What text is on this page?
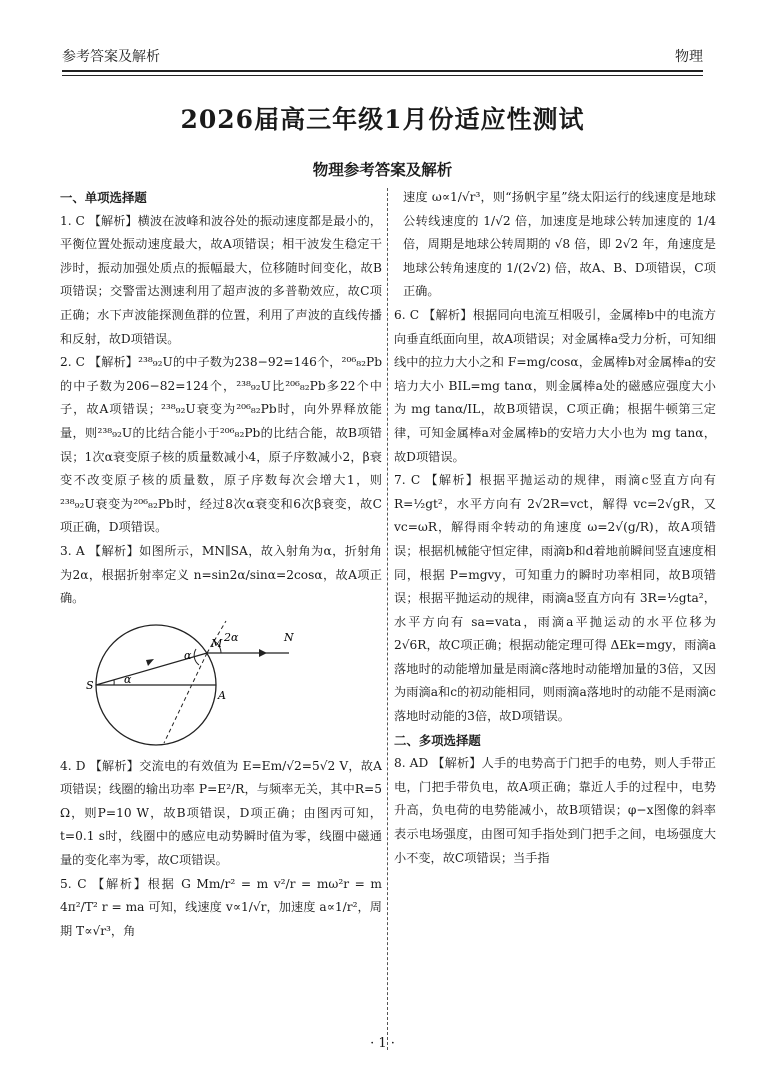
参考答案及解析	物理
2026届高三年级1月份适应性测试
物理参考答案及解析

一、单项选择题

1. C 【解析】横波在波峰和波谷处的振动速度都是最小的，平衡位置处振动速度最大，故A项错误；相干波发生稳定干涉时，振动加强处质点的振幅最大，位移随时间变化，故B项错误；交警雷达测速利用了超声波的多普勒效应，故C项正确；水下声波能探测鱼群的位置，利用了声波的直线传播和反射，故D项错误。

2. C 【解析】²³⁸₉₂U的中子数为238−92=146个，²⁰⁶₈₂Pb的中子数为206−82=124个，²³⁸₉₂U比²⁰⁶₈₂Pb多22个中子，故A项错误；²³⁸₉₂U衰变为²⁰⁶₈₂Pb时，向外界释放能量，则²³⁸₉₂U的比结合能小于²⁰⁶₈₂Pb的比结合能，故B项错误；1次α衰变原子核的质量数减小4，原子序数减小2，β衰变不改变原子核的质量数，原子序数每次会增大1，则²³⁸₉₂U衰变为²⁰⁶₈₂Pb时，经过8次α衰变和6次β衰变，故C项正确，D项错误。

3. A 【解析】如图所示，MN∥SA，故入射角为α，折射角为2α，根据折射率定义 n=sin2α/sinα=2cosα，故A项正确。

M	N
S
A
α
α
2α

4. D 【解析】交流电的有效值为 E=Em/√2=5√2 V，故A项错误；线圈的输出功率 P=E²/R，与频率无关，其中R=5 Ω，则P=10 W，故B项错误，D项正确；由图丙可知，t=0.1 s时，线圈中的感应电动势瞬时值为零，线圈中磁通量的变化率为零，故C项错误。

5. C 【解析】根据 G Mm/r² = m v²/r = mω²r = m 4π²/T² r = ma 可知，线速度 v∝1/√r，加速度 a∝1/r²，周期 T∝√r³，角

速度 ω∝1/√r³，则“扬帆宇星”绕太阳运行的线速度是地球公转线速度的 1/√2 倍，加速度是地球公转加速度的 1/4 倍，周期是地球公转周期的 √8 倍，即 2√2 年，角速度是地球公转角速度的 1/(2√2) 倍，故A、B、D项错误，C项正确。

6. C 【解析】根据同向电流互相吸引，金属棒b中的电流方向垂直纸面向里，故A项错误；对金属棒a受力分析，可知细线中的拉力大小之和 F=mg/cosα，金属棒b对金属棒a的安培力大小 BIL=mg tanα，则金属棒a处的磁感应强度大小为 mg tanα/IL，故B项错误，C项正确；根据牛顿第三定律，可知金属棒a对金属棒b的安培力大小也为 mg tanα，故D项错误。

7. C 【解析】根据平抛运动的规律，雨滴c竖直方向有 R=½gt²，水平方向有 2√2R=vct，解得 vc=2√gR，又 vc=ωR，解得雨伞转动的角速度 ω=2√(g/R)，故A项错误；根据机械能守恒定律，雨滴b和d着地前瞬间竖直速度相同，根据 P=mgvy，可知重力的瞬时功率相同，故B项错误；根据平抛运动的规律，雨滴a竖直方向有 3R=½gta²，水平方向有 sa=vata，雨滴a平抛运动的水平位移为 2√6R，故C项正确；根据动能定理可得 ΔEk=mgy，雨滴a落地时的动能增加量是雨滴c落地时动能增加量的3倍，又因为雨滴a和c的初动能相同，则雨滴a落地时的动能不是雨滴c落地时动能的3倍，故D项错误。

二、多项选择题

8. AD 【解析】人手的电势高于门把手的电势，则人手带正电，门把手带负电，故A项正确；靠近人手的过程中，电势升高，负电荷的电势能减小，故B项错误；φ−x图像的斜率表示电场强度，由图可知手指处到门把手之间，电场强度大小不变，故C项错误；当手指

· 1 ·
